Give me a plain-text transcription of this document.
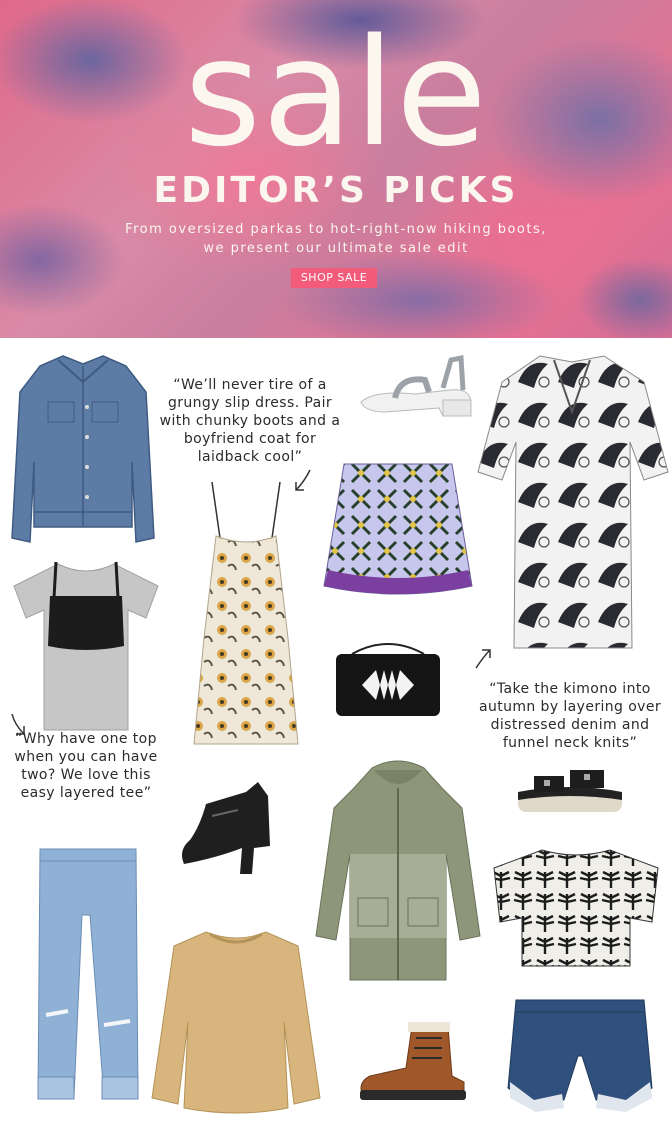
sale
EDITOR’S PICKS
From oversized parkas to hot-right-now hiking boots,
we present our ultimate sale edit
SHOP SALE
“We’ll never tire of a
grungy slip dress. Pair
with chunky boots and a
boyfriend coat for
laidback cool”
“Take the kimono into
autumn by layering over
distressed denim and
funnel neck knits”
“Why have one top
when you can have
two? We love this
easy layered tee”
